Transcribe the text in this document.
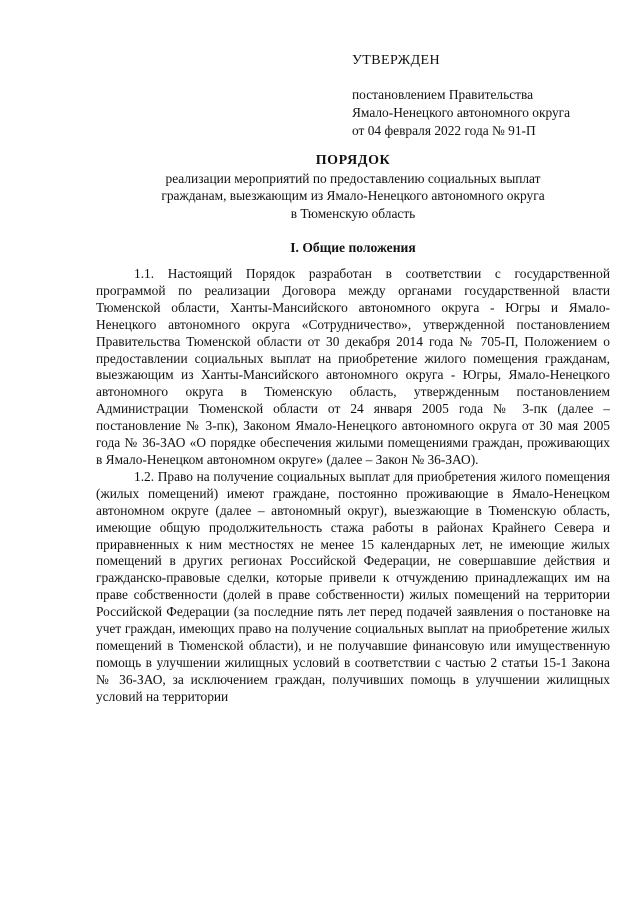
УТВЕРЖДЕН
постановлением Правительства
Ямало-Ненецкого автономного округа
от 04 февраля 2022 года № 91-П
ПОРЯДОК
реализации мероприятий по предоставлению социальных выплат
гражданам, выезжающим из Ямало-Ненецкого автономного округа
в Тюменскую область
I. Общие положения

1.1. Настоящий Порядок разработан в соответствии с государственной программой по реализации Договора между органами государственной власти Тюменской области, Ханты-Мансийского автономного округа - Югры и Ямало-Ненецкого автономного округа «Сотрудничество», утвержденной постановлением Правительства Тюменской области от 30 декабря 2014 года № 705-П, Положением о предоставлении социальных выплат на приобретение жилого помещения гражданам, выезжающим из Ханты-Мансийского автономного округа - Югры, Ямало-Ненецкого автономного округа в Тюменскую область, утвержденным постановлением Администрации Тюменской области от 24 января 2005 года № 3-пк (далее – постановление № 3-пк), Законом Ямало-Ненецкого автономного округа от 30 мая 2005 года № 36-ЗАО «О порядке обеспечения жилыми помещениями граждан, проживающих в Ямало-Ненецком автономном округе» (далее – Закон № 36-ЗАО).

1.2. Право на получение социальных выплат для приобретения жилого помещения (жилых помещений) имеют граждане, постоянно проживающие в Ямало-Ненецком автономном округе (далее – автономный округ), выезжающие в Тюменскую область, имеющие общую продолжительность стажа работы в районах Крайнего Севера и приравненных к ним местностях не менее 15 календарных лет, не имеющие жилых помещений в других регионах Российской Федерации, не совершавшие действия и гражданско-правовые сделки, которые привели к отчуждению принадлежащих им на праве собственности (долей в праве собственности) жилых помещений на территории Российской Федерации (за последние пять лет перед подачей заявления о постановке на учет граждан, имеющих право на получение социальных выплат на приобретение жилых помещений в Тюменской области), и не получавшие финансовую или имущественную помощь в улучшении жилищных условий в соответствии с частью 2 статьи 15-1 Закона № 36-ЗАО, за исключением граждан, получивших помощь в улучшении жилищных условий на территории
